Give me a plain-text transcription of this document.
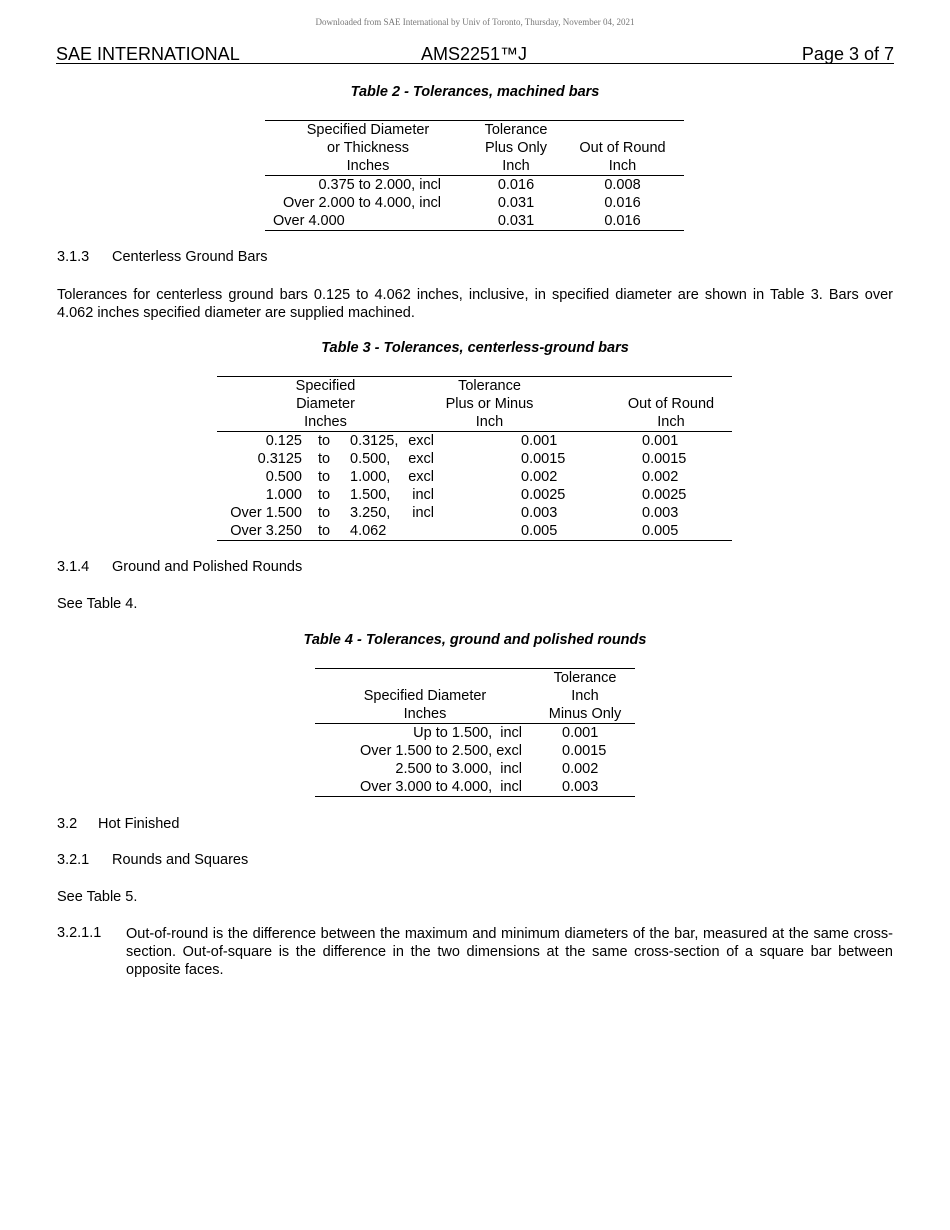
Downloaded from SAE International by Univ of Toronto, Thursday, November 04, 2021
SAE INTERNATIONAL	AMS2251™J	Page 3 of 7
Table 2 - Tolerances, machined bars
Specified Diameter	Tolerance	
or Thickness	Plus Only	Out of Round
Inches	Inch	Inch
0.375 to 2.000, incl	0.016	0.008
Over 2.000 to 4.000, incl	0.031	0.016
Over 4.000	0.031	0.016
3.1.3 Centerless Ground Bars

Tolerances for centerless ground bars 0.125 to 4.062 inches, inclusive, in specified diameter are shown in Table 3. Bars over 4.062 inches specified diameter are supplied machined.

Table 3 - Tolerances, centerless-ground bars
Specified		Tolerance	
Diameter		Plus or Minus	Out of Round
Inches		Inch	Inch
0.125	to	0.3125,	excl		0.001	0.001
0.3125	to	0.500,	excl		0.0015	0.0015
0.500	to	1.000,	excl		0.002	0.002
1.000	to	1.500,	incl		0.0025	0.0025
Over 1.500	to	3.250,	incl		0.003	0.003
Over 3.250	to	4.062			0.005	0.005
3.1.4 Ground and Polished Rounds
See Table 4.
Table 4 - Tolerances, ground and polished rounds
	Tolerance
Specified Diameter	Inch
Inches	Minus Only
Up to 1.500,  incl	0.001
Over 1.500 to 2.500, excl	0.0015
2.500 to 3.000,  incl	0.002
Over 3.000 to 4.000,  incl	0.003
3.2 Hot Finished
3.2.1 Rounds and Squares
See Table 5.
3.2.1.1 Out-of-round is the difference between the maximum and minimum diameters of the bar, measured at the same cross-section. Out-of-square is the difference in the two dimensions at the same cross-section of a square bar between opposite faces.
